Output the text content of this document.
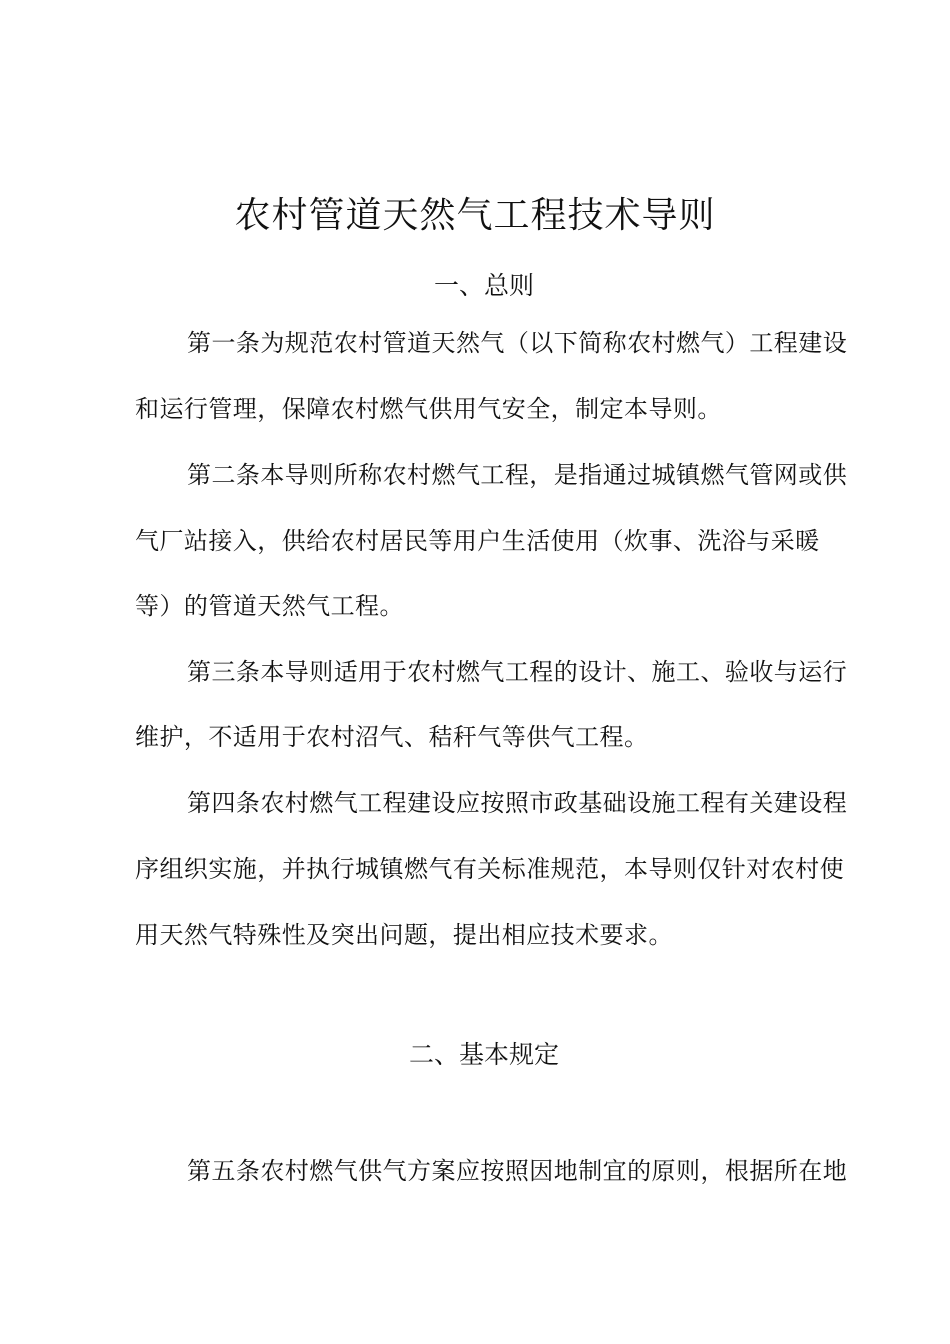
农村管道天然气工程技术导则
一、总则

第一条为规范农村管道天然气（以下简称农村燃气）工程建设

和运行管理，保障农村燃气供用气安全，制定本导则。

第二条本导则所称农村燃气工程，是指通过城镇燃气管网或供

气厂站接入，供给农村居民等用户生活使用（炊事、洗浴与采暖

等）的管道天然气工程。

第三条本导则适用于农村燃气工程的设计、施工、验收与运行

维护，不适用于农村沼气、秸秆气等供气工程。

第四条农村燃气工程建设应按照市政基础设施工程有关建设程

序组织实施，并执行城镇燃气有关标准规范，本导则仅针对农村使

用天然气特殊性及突出问题，提出相应技术要求。

二、基本规定

第五条农村燃气供气方案应按照因地制宜的原则，根据所在地
